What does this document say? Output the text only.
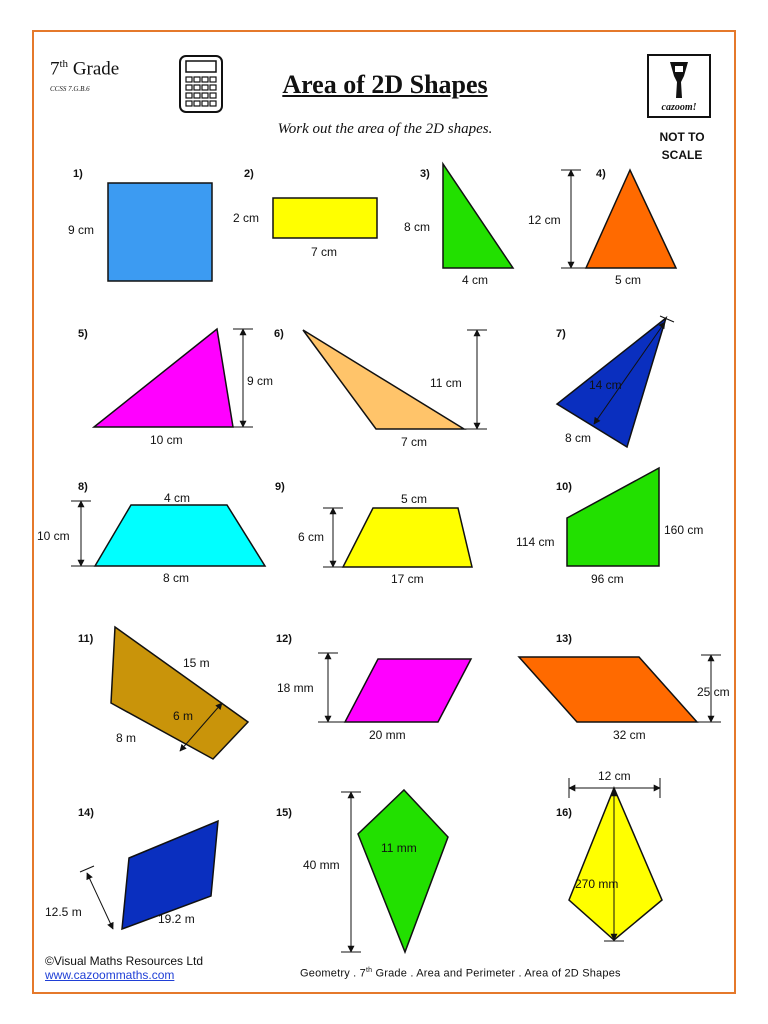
7th Grade
CCSS 7.G.B.6	Area of 2D Shapes
Work out the area of the 2D shapes.
cazoom!
NOT TO
SCALE
1)
9 cm
2)
2 cm
7 cm
3)
8 cm
4 cm
4)
12 cm
5 cm
5)
9 cm
10 cm
6)
11 cm
7 cm
7)
14 cm
8 cm
8)
4 cm
10 cm
8 cm
9)
5 cm
6 cm
17 cm
10)
114 cm
160 cm
96 cm
11)
15 m
6 m
8 m
12)
18 mm
20 mm
13)
25 cm
32 cm
14)
12.5 m	19.2 m
15)
40 mm
11 mm
16)
12 cm
270 mm
©Visual Maths Resources Ltd
www.cazoommaths.com	Geometry . 7th Grade . Area and Perimeter . Area of 2D Shapes
